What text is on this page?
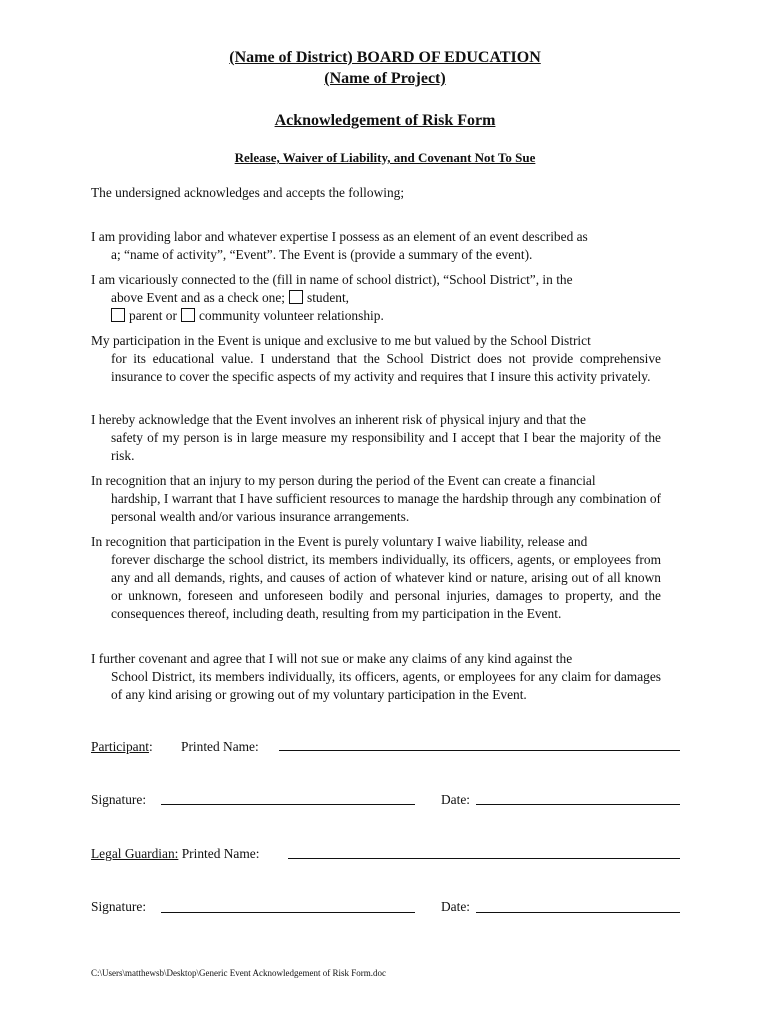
(Name of District) BOARD OF EDUCATION
(Name of Project)
Acknowledgement of Risk Form
Release, Waiver of Liability, and Covenant Not To Sue
The undersigned acknowledges and accepts the following;
I am providing labor and whatever expertise I possess as an element of an event described as
a; “name of activity”, “Event”. The Event is (provide a summary of the event).
I am vicariously connected to the (fill in name of school district), “School District”, in the
above Event and as a check one; student,
parent or community volunteer relationship.
My participation in the Event is unique and exclusive to me but valued by the School District
for its educational value. I understand that the School District does not provide comprehensive insurance to cover the specific aspects of my activity and requires that I insure this activity privately.
I hereby acknowledge that the Event involves an inherent risk of physical injury and that the
safety of my person is in large measure my responsibility and I accept that I bear the majority of the risk.
In recognition that an injury to my person during the period of the Event can create a financial
hardship, I warrant that I have sufficient resources to manage the hardship through any combination of personal wealth and/or various insurance arrangements.
In recognition that participation in the Event is purely voluntary I waive liability, release and
forever discharge the school district, its members individually, its officers, agents, or employees from any and all demands, rights, and causes of action of whatever kind or nature, arising out of all known or unknown, foreseen and unforeseen bodily and personal injuries, damages to property, and the consequences thereof, including death, resulting from my participation in the Event.
I further covenant and agree that I will not sue or make any claims of any kind against the
School District, its members individually, its officers, agents, or employees for any claim for damages of any kind arising or growing out of my voluntary participation in the Event.
Participant: Printed Name:
Signature:	Date:
Legal Guardian: Printed Name:
Signature:	Date:
C:\Users\matthewsb\Desktop\Generic Event Acknowledgement of Risk Form.doc
